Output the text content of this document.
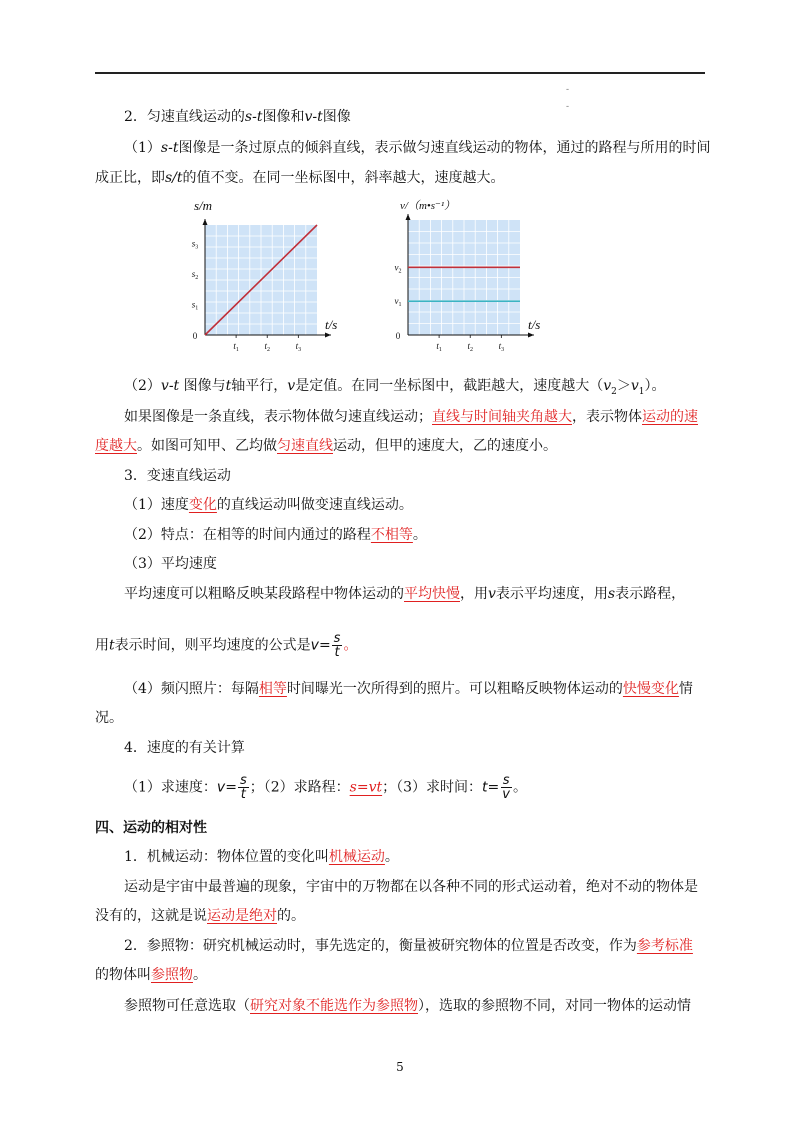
-
-
2．匀速直线运动的s-t图像和v-t图像
（1）s-t图像是一条过原点的倾斜直线，表示做匀速直线运动的物体，通过的路程与所用的时间
成正比，即s/t的值不变。在同一坐标图中，斜率越大，速度越大。
$t_1$	$t_2$	$t_3$
$s_1$
$s_2$
$s_3$
0
s/m
t/s
$t_1$	$t_2$	$t_3$
$v_1$
$v_2$
0
v/（m•s⁻¹）
t/s
（2）v-t 图像与t轴平行，v是定值。在同一坐标图中，截距越大，速度越大$(v_2>v_1)$。
如果图像是一条直线，表示物体做匀速直线运动；直线与时间轴夹角越大，表示物体运动的速
度越大。如图可知甲、乙均做匀速直线运动，但甲的速度大，乙的速度小。
3．变速直线运动
（1）速度变化的直线运动叫做变速直线运动。
（2）特点：在相等的时间内通过的路程不相等。
（3）平均速度
平均速度可以粗略反映某段路程中物体运动的平均快慢，用v表示平均速度，用s表示路程，
用t表示时间，则平均速度的公式是$v= \frac{s}{t}$ 。
（4）频闪照片：每隔相等时间曝光一次所得到的照片。可以粗略反映物体运动的快慢变化情
况。
4．速度的有关计算
（1）求速度：$v= \frac{s}{t}$ ；（2）求路程：s=vt；（3）求时间：$t= \frac{s}{v}$ 。
四、运动的相对性
1．机械运动：物体位置的变化叫机械运动。
运动是宇宙中最普遍的现象，宇宙中的万物都在以各种不同的形式运动着，绝对不动的物体是
没有的，这就是说运动是绝对的。
2．参照物：研究机械运动时，事先选定的，衡量被研究物体的位置是否改变，作为参考标准
的物体叫参照物。
参照物可任意选取（研究对象不能选作为参照物），选取的参照物不同，对同一物体的运动情
5
